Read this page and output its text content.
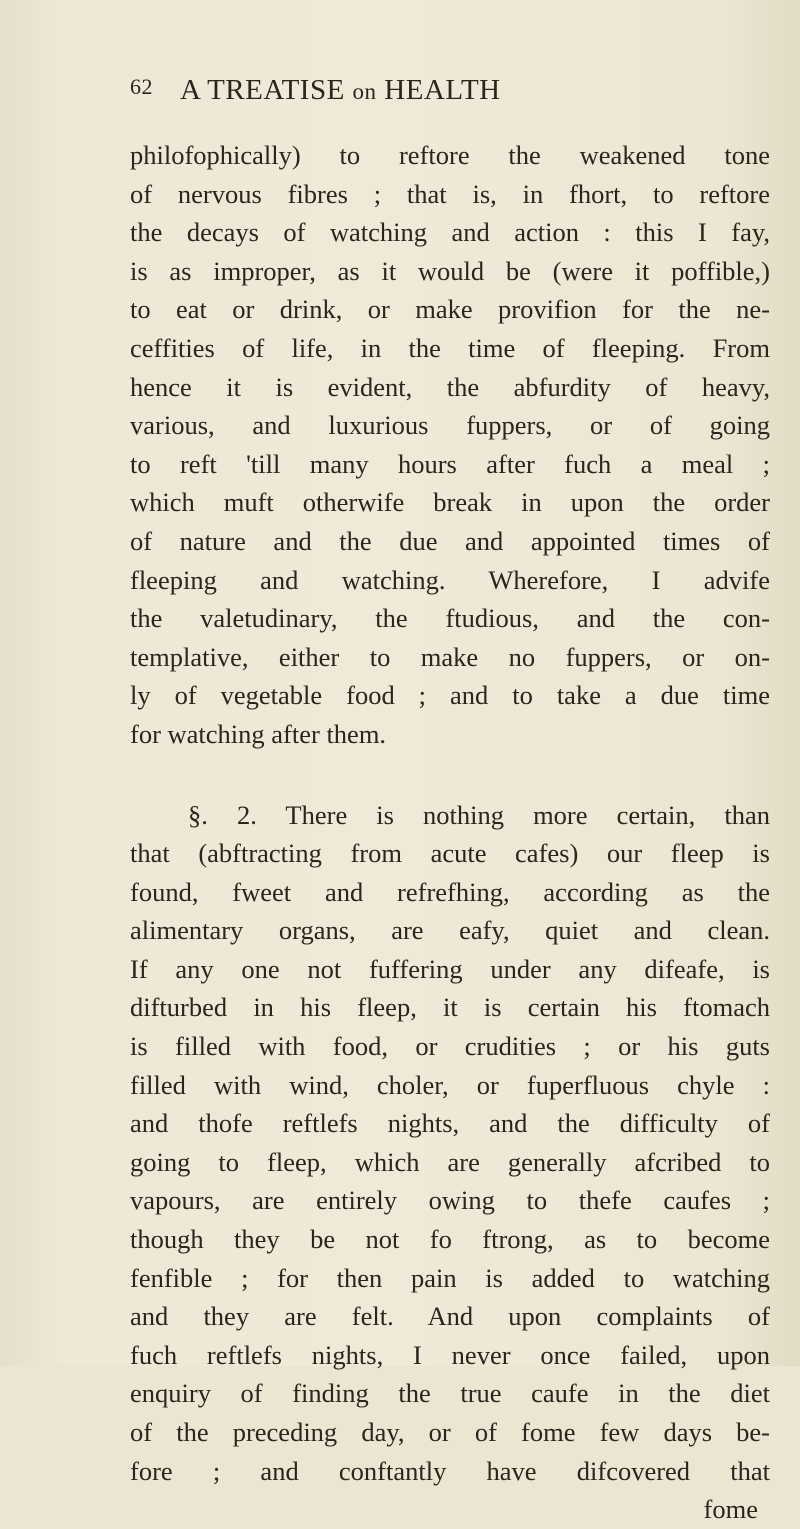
62 A TREATISE on HEALTH
philofophically) to reftore the weakened tone
of nervous fibres ; that is, in fhort, to reftore
the decays of watching and action : this I fay,
is as improper, as it would be (were it poffible,)
to eat or drink, or make provifion for the ne-
ceffities of life, in the time of fleeping. From
hence it is evident, the abfurdity of heavy,
various, and luxurious fuppers, or of going
to reft 'till many hours after fuch a meal ;
which muft otherwife break in upon the order
of nature and the due and appointed times of
fleeping and watching. Wherefore, I advife
the valetudinary, the ftudious, and the con-
templative, either to make no fuppers, or on-
ly of vegetable food ; and to take a due time
for watching after them.
§. 2. There is nothing more certain, than
that (abftracting from acute cafes) our fleep is
found, fweet and refrefhing, according as the
alimentary organs, are eafy, quiet and clean.
If any one not fuffering under any difeafe, is
difturbed in his fleep, it is certain his ftomach
is filled with food, or crudities ; or his guts
filled with wind, choler, or fuperfluous chyle :
and thofe reftlefs nights, and the difficulty of
going to fleep, which are generally afcribed to
vapours, are entirely owing to thefe caufes ;
though they be not fo ftrong, as to become
fenfible ; for then pain is added to watching
and they are felt. And upon complaints of
fuch reftlefs nights, I never once failed, upon
enquiry of finding the true caufe in the diet
of the preceding day, or of fome few days be-
fore ; and conftantly have difcovered that
fome
